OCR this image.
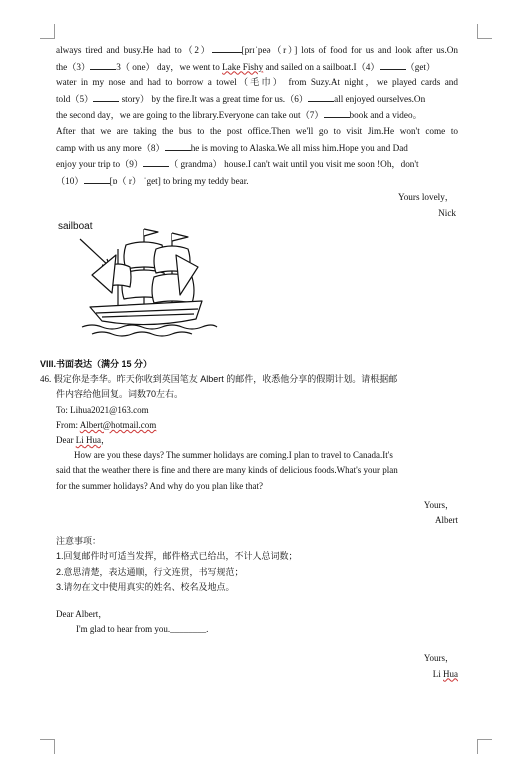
always tired and busy.He had to（2）	[prɪˈpeə（r）] lots of food for us and look after us.On
the（3）	3（ one） day，we went to Lake Fishy and sailed on a sailboat.I（4）	（get）
water in my nose and had to borrow a towel（毛巾） from Suzy.At night，we played cards and
told（5）	story） by the fire.It was a great time for us.（6）	all enjoyed ourselves.On
the second day，we are going to the library.Everyone can take out（7）	book and a video。
After that we are taking the bus to the post office.Then we'll go to visit Jim.He won't come to
camp with us any more（8）	he is moving to Alaska.We all miss him.Hope you and Dad
enjoy your trip to（9）	（ grandma） house.I can't wait until you visit me soon !Oh，don't
（10）	[ɒ（ r） ˈget] to bring my teddy bear.
Yours lovely，
Nick
sailboat
VIII.书面表达（满分 15 分）
46. 假定你是李华。昨天你收到英国笔友 Albert 的邮件，收悉他分享的假期计划。请根据邮
件内容给他回复。词数70左右。
To: Lihua2021@163.com
From: Albert@hotmail.com
Dear Li Hua，
How are you these days? The summer holidays are coming.I plan to travel to Canada.It's
said that the weather there is fine and there are many kinds of delicious foods.What's your plan
for the summer holidays? And why do you plan like that?
Yours，
Albert
注意事项：
1.回复邮件时可适当发挥，邮件格式已给出，不计人总词数；
2.意思清楚，表达通顺，行文连贯，书写规范；
3.请勿在文中使用真实的姓名、校名及地点。
Dear Albert，
I'm glad to hear from you.________.
Yours，
Li Hua
